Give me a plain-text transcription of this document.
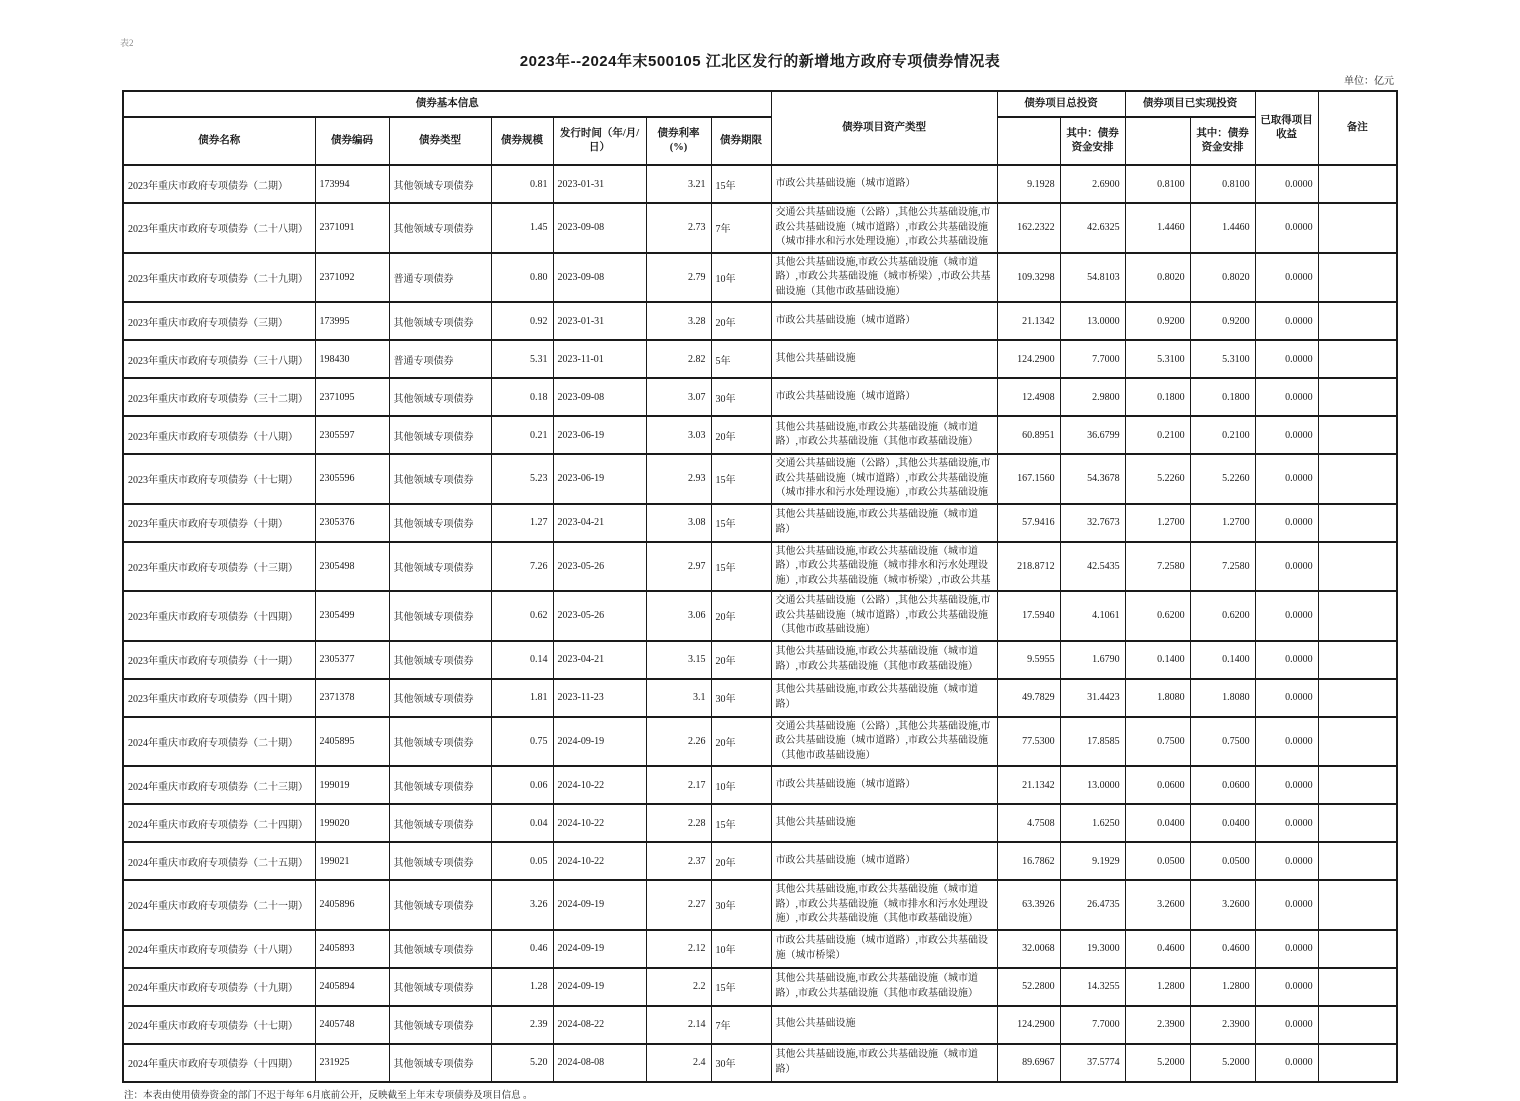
表2
2023年--2024年末500105 江北区发行的新增地方政府专项债券情况表
单位：亿元
债券基本信息							债券项目资产类型	债券项目总投资		债券项目已实现投资		已取得项目收益	备注
债券名称	债券编码	债券类型	债券规模	发行时间（年/月/日）	债券利率(%)	债券期限			其中：债券资金安排		其中：债券资金安排		
2023年重庆市政府专项债券（二期）	173994	其他领域专项债券	0.81	2023-01-31	3.21	15年	市政公共基础设施（城市道路）	9.1928	2.6900	0.8100	0.8100	0.0000	
2023年重庆市政府专项债券（二十八期）	2371091	其他领域专项债券	1.45	2023-09-08	2.73	7年	交通公共基础设施（公路）,其他公共基础设施,市政公共基础设施（城市道路）,市政公共基础设施（城市排水和污水处理设施）,市政公共基础设施	162.2322	42.6325	1.4460	1.4460	0.0000	
2023年重庆市政府专项债券（二十九期）	2371092	普通专项债券	0.80	2023-09-08	2.79	10年	其他公共基础设施,市政公共基础设施（城市道路）,市政公共基础设施（城市桥梁）,市政公共基础设施（其他市政基础设施）	109.3298	54.8103	0.8020	0.8020	0.0000	
2023年重庆市政府专项债券（三期）	173995	其他领域专项债券	0.92	2023-01-31	3.28	20年	市政公共基础设施（城市道路）	21.1342	13.0000	0.9200	0.9200	0.0000	
2023年重庆市政府专项债券（三十八期）	198430	普通专项债券	5.31	2023-11-01	2.82	5年	其他公共基础设施	124.2900	7.7000	5.3100	5.3100	0.0000	
2023年重庆市政府专项债券（三十二期）	2371095	其他领域专项债券	0.18	2023-09-08	3.07	30年	市政公共基础设施（城市道路）	12.4908	2.9800	0.1800	0.1800	0.0000	
2023年重庆市政府专项债券（十八期）	2305597	其他领域专项债券	0.21	2023-06-19	3.03	20年	其他公共基础设施,市政公共基础设施（城市道路）,市政公共基础设施（其他市政基础设施）	60.8951	36.6799	0.2100	0.2100	0.0000	
2023年重庆市政府专项债券（十七期）	2305596	其他领域专项债券	5.23	2023-06-19	2.93	15年	交通公共基础设施（公路）,其他公共基础设施,市政公共基础设施（城市道路）,市政公共基础设施（城市排水和污水处理设施）,市政公共基础设施	167.1560	54.3678	5.2260	5.2260	0.0000	
2023年重庆市政府专项债券（十期）	2305376	其他领域专项债券	1.27	2023-04-21	3.08	15年	其他公共基础设施,市政公共基础设施（城市道路）	57.9416	32.7673	1.2700	1.2700	0.0000	
2023年重庆市政府专项债券（十三期）	2305498	其他领域专项债券	7.26	2023-05-26	2.97	15年	其他公共基础设施,市政公共基础设施（城市道路）,市政公共基础设施（城市排水和污水处理设施）,市政公共基础设施（城市桥梁）,市政公共基	218.8712	42.5435	7.2580	7.2580	0.0000	
2023年重庆市政府专项债券（十四期）	2305499	其他领域专项债券	0.62	2023-05-26	3.06	20年	交通公共基础设施（公路）,其他公共基础设施,市政公共基础设施（城市道路）,市政公共基础设施（其他市政基础设施）	17.5940	4.1061	0.6200	0.6200	0.0000	
2023年重庆市政府专项债券（十一期）	2305377	其他领域专项债券	0.14	2023-04-21	3.15	20年	其他公共基础设施,市政公共基础设施（城市道路）,市政公共基础设施（其他市政基础设施）	9.5955	1.6790	0.1400	0.1400	0.0000	
2023年重庆市政府专项债券（四十期）	2371378	其他领域专项债券	1.81	2023-11-23	3.1	30年	其他公共基础设施,市政公共基础设施（城市道路）	49.7829	31.4423	1.8080	1.8080	0.0000	
2024年重庆市政府专项债券（二十期）	2405895	其他领域专项债券	0.75	2024-09-19	2.26	20年	交通公共基础设施（公路）,其他公共基础设施,市政公共基础设施（城市道路）,市政公共基础设施（其他市政基础设施）	77.5300	17.8585	0.7500	0.7500	0.0000	
2024年重庆市政府专项债券（二十三期）	199019	其他领域专项债券	0.06	2024-10-22	2.17	10年	市政公共基础设施（城市道路）	21.1342	13.0000	0.0600	0.0600	0.0000	
2024年重庆市政府专项债券（二十四期）	199020	其他领域专项债券	0.04	2024-10-22	2.28	15年	其他公共基础设施	4.7508	1.6250	0.0400	0.0400	0.0000	
2024年重庆市政府专项债券（二十五期）	199021	其他领域专项债券	0.05	2024-10-22	2.37	20年	市政公共基础设施（城市道路）	16.7862	9.1929	0.0500	0.0500	0.0000	
2024年重庆市政府专项债券（二十一期）	2405896	其他领域专项债券	3.26	2024-09-19	2.27	30年	其他公共基础设施,市政公共基础设施（城市道路）,市政公共基础设施（城市排水和污水处理设施）,市政公共基础设施（其他市政基础设施）	63.3926	26.4735	3.2600	3.2600	0.0000	
2024年重庆市政府专项债券（十八期）	2405893	其他领域专项债券	0.46	2024-09-19	2.12	10年	市政公共基础设施（城市道路）,市政公共基础设施（城市桥梁）	32.0068	19.3000	0.4600	0.4600	0.0000	
2024年重庆市政府专项债券（十九期）	2405894	其他领域专项债券	1.28	2024-09-19	2.2	15年	其他公共基础设施,市政公共基础设施（城市道路）,市政公共基础设施（其他市政基础设施）	52.2800	14.3255	1.2800	1.2800	0.0000	
2024年重庆市政府专项债券（十七期）	2405748	其他领域专项债券	2.39	2024-08-22	2.14	7年	其他公共基础设施	124.2900	7.7000	2.3900	2.3900	0.0000	
2024年重庆市政府专项债券（十四期）	231925	其他领域专项债券	5.20	2024-08-08	2.4	30年	其他公共基础设施,市政公共基础设施（城市道路）	89.6967	37.5774	5.2000	5.2000	0.0000	

注：本表由使用债券资金的部门不迟于每年 6月底前公开，反映截至上年末专项债券及项目信息 。
